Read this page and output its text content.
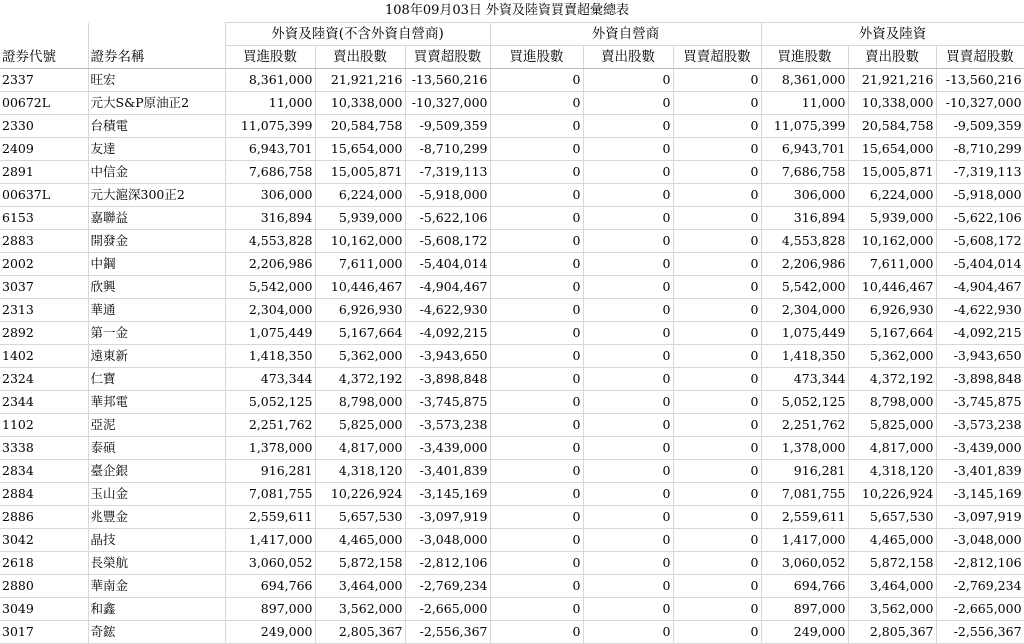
		108年09月03日 外資及陸資買賣超彙總表								
		外資及陸資(不含外資自營商)			外資自營商			外資及陸資		
證券代號	證券名稱	買進股數	賣出股數	買賣超股數	買進股數	賣出股數	買賣超股數	買進股數	賣出股數	買賣超股數
2337	旺宏	8,361,000	21,921,216	-13,560,216	0	0	0	8,361,000	21,921,216	-13,560,216
00672L	元大S&P原油正2	11,000	10,338,000	-10,327,000	0	0	0	11,000	10,338,000	-10,327,000
2330	台積電	11,075,399	20,584,758	-9,509,359	0	0	0	11,075,399	20,584,758	-9,509,359
2409	友達	6,943,701	15,654,000	-8,710,299	0	0	0	6,943,701	15,654,000	-8,710,299
2891	中信金	7,686,758	15,005,871	-7,319,113	0	0	0	7,686,758	15,005,871	-7,319,113
00637L	元大滬深300正2	306,000	6,224,000	-5,918,000	0	0	0	306,000	6,224,000	-5,918,000
6153	嘉聯益	316,894	5,939,000	-5,622,106	0	0	0	316,894	5,939,000	-5,622,106
2883	開發金	4,553,828	10,162,000	-5,608,172	0	0	0	4,553,828	10,162,000	-5,608,172
2002	中鋼	2,206,986	7,611,000	-5,404,014	0	0	0	2,206,986	7,611,000	-5,404,014
3037	欣興	5,542,000	10,446,467	-4,904,467	0	0	0	5,542,000	10,446,467	-4,904,467
2313	華通	2,304,000	6,926,930	-4,622,930	0	0	0	2,304,000	6,926,930	-4,622,930
2892	第一金	1,075,449	5,167,664	-4,092,215	0	0	0	1,075,449	5,167,664	-4,092,215
1402	遠東新	1,418,350	5,362,000	-3,943,650	0	0	0	1,418,350	5,362,000	-3,943,650
2324	仁寶	473,344	4,372,192	-3,898,848	0	0	0	473,344	4,372,192	-3,898,848
2344	華邦電	5,052,125	8,798,000	-3,745,875	0	0	0	5,052,125	8,798,000	-3,745,875
1102	亞泥	2,251,762	5,825,000	-3,573,238	0	0	0	2,251,762	5,825,000	-3,573,238
3338	泰碩	1,378,000	4,817,000	-3,439,000	0	0	0	1,378,000	4,817,000	-3,439,000
2834	臺企銀	916,281	4,318,120	-3,401,839	0	0	0	916,281	4,318,120	-3,401,839
2884	玉山金	7,081,755	10,226,924	-3,145,169	0	0	0	7,081,755	10,226,924	-3,145,169
2886	兆豐金	2,559,611	5,657,530	-3,097,919	0	0	0	2,559,611	5,657,530	-3,097,919
3042	晶技	1,417,000	4,465,000	-3,048,000	0	0	0	1,417,000	4,465,000	-3,048,000
2618	長榮航	3,060,052	5,872,158	-2,812,106	0	0	0	3,060,052	5,872,158	-2,812,106
2880	華南金	694,766	3,464,000	-2,769,234	0	0	0	694,766	3,464,000	-2,769,234
3049	和鑫	897,000	3,562,000	-2,665,000	0	0	0	897,000	3,562,000	-2,665,000
3017	奇鋐	249,000	2,805,367	-2,556,367	0	0	0	249,000	2,805,367	-2,556,367
